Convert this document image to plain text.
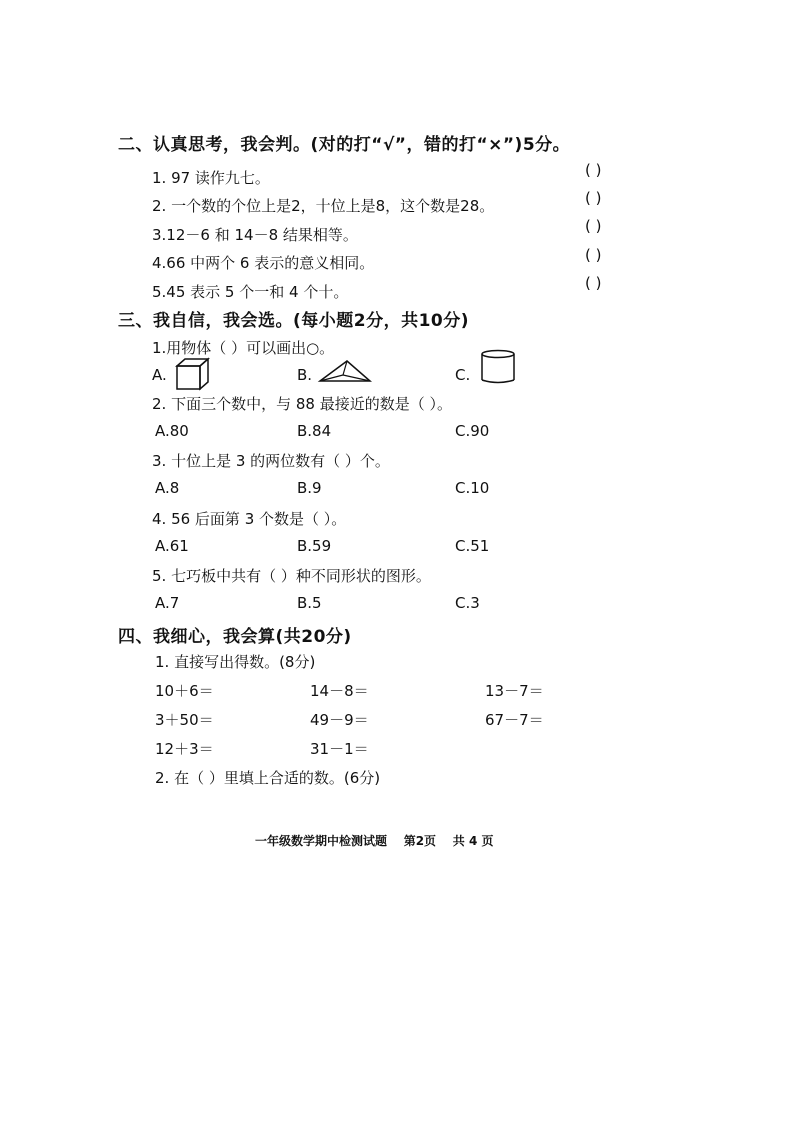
二、认真思考，我会判。(对的打“√”，错的打“×”)5分。
1. 97 读作九七。	( )
2. 一个数的个位上是2，十位上是8，这个数是28。	( )
3.12－6 和 14－8 结果相等。	( )
4.66 中两个 6 表示的意义相同。	( )
5.45 表示 5 个一和 4 个十。	( )
三、我自信，我会选。(每小题2分，共10分)
1.用物体（ ）可以画出○。
A.	B.	C.
2. 下面三个数中，与 88 最接近的数是（ ）。
A.80	B.84	C.90
3. 十位上是 3 的两位数有（ ）个。
A.8	B.9	C.10
4. 56 后面第 3 个数是（ ）。
A.61	B.59	C.51
5. 七巧板中共有（ ）种不同形状的图形。
A.7	B.5	C.3
四、我细心，我会算(共20分)
1. 直接写出得数。(8分)
10＋6＝	14－8＝	13－7＝
3＋50＝	49－9＝	67－7＝
12＋3＝	31－1＝
2. 在（ ）里填上合适的数。(6分)
一年级数学期中检测试题    第2页    共 4 页
